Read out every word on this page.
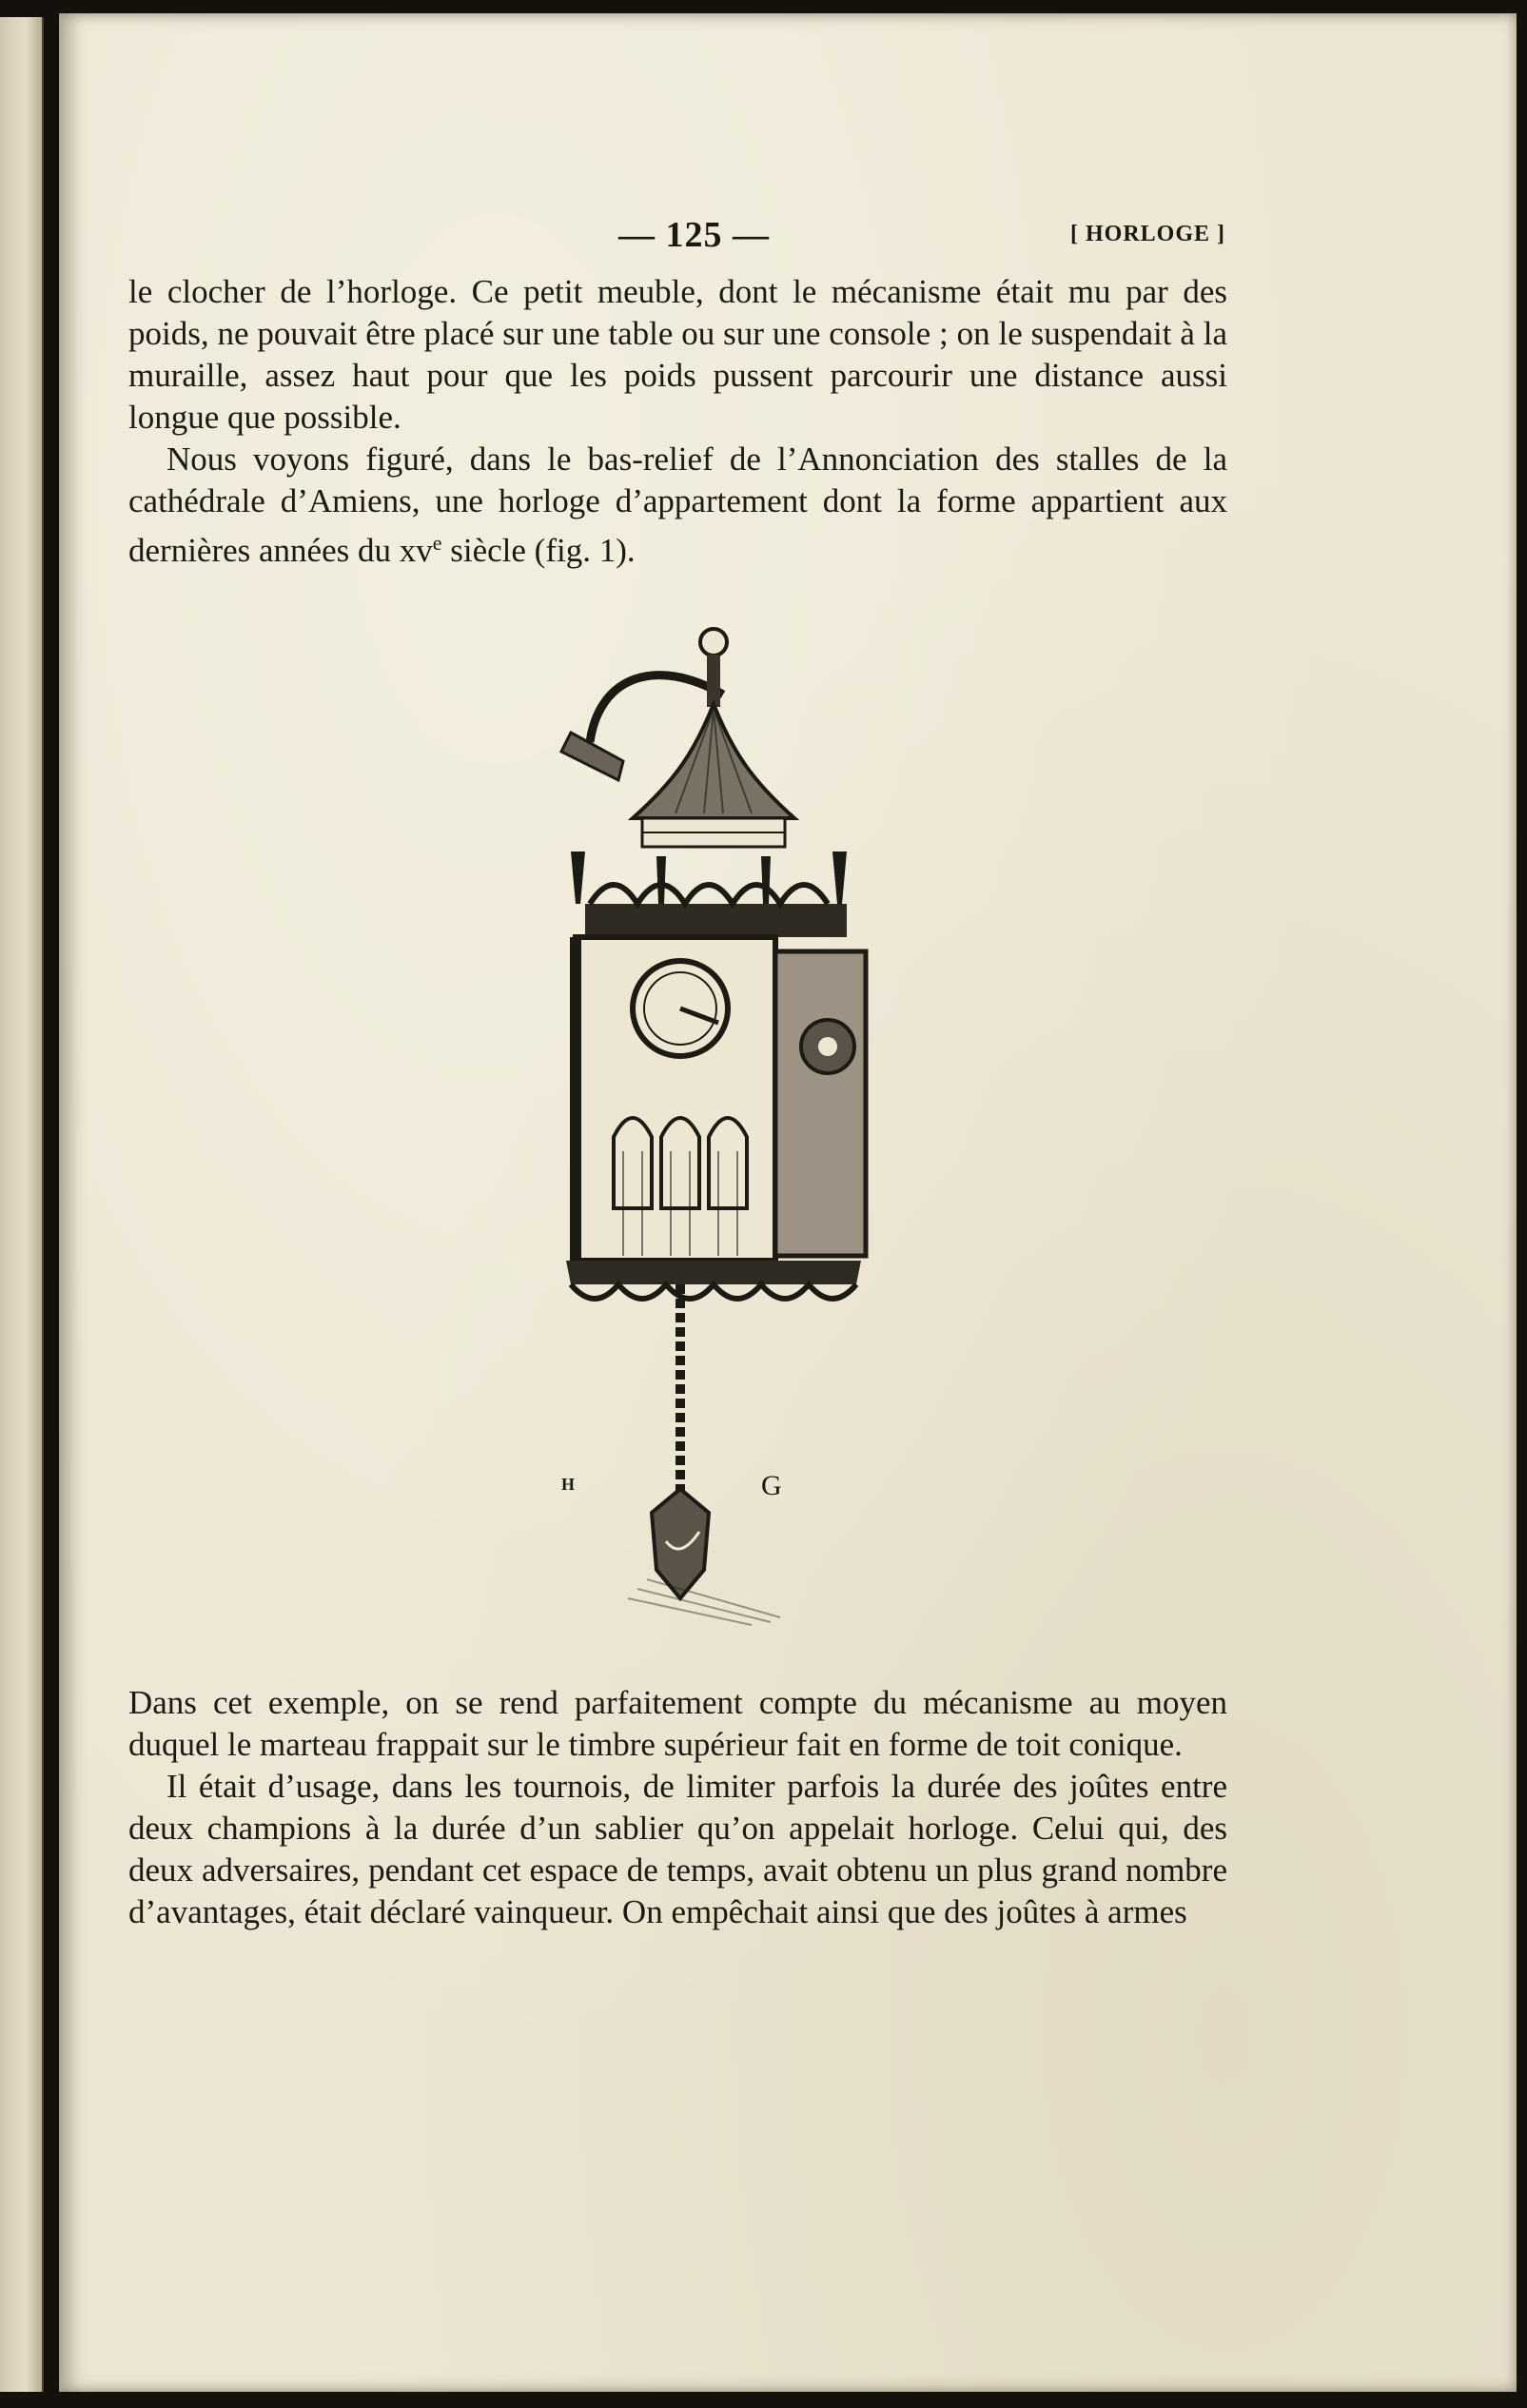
— 125 —	[ HORLOGE ]

le clocher de l’horloge. Ce petit meuble, dont le mécanisme était mu par des poids, ne pouvait être placé sur une table ou sur une console ; on le suspendait à la muraille, assez haut pour que les poids pussent parcourir une distance aussi longue que possible.

Nous voyons figuré, dans le bas-relief de l’Annonciation des stalles de la cathédrale d’Amiens, une horloge d’appartement dont la forme appartient aux dernières années du $xv^e$ siècle (fig. 1).

H	G

Dans cet exemple, on se rend parfaitement compte du mécanisme au moyen duquel le marteau frappait sur le timbre supérieur fait en forme de toit conique.

Il était d’usage, dans les tournois, de limiter parfois la durée des joûtes entre deux champions à la durée d’un sablier qu’on appelait horloge. Celui qui, des deux adversaires, pendant cet espace de temps, avait obtenu un plus grand nombre d’avantages, était déclaré vainqueur. On empêchait ainsi que des joûtes à armes
